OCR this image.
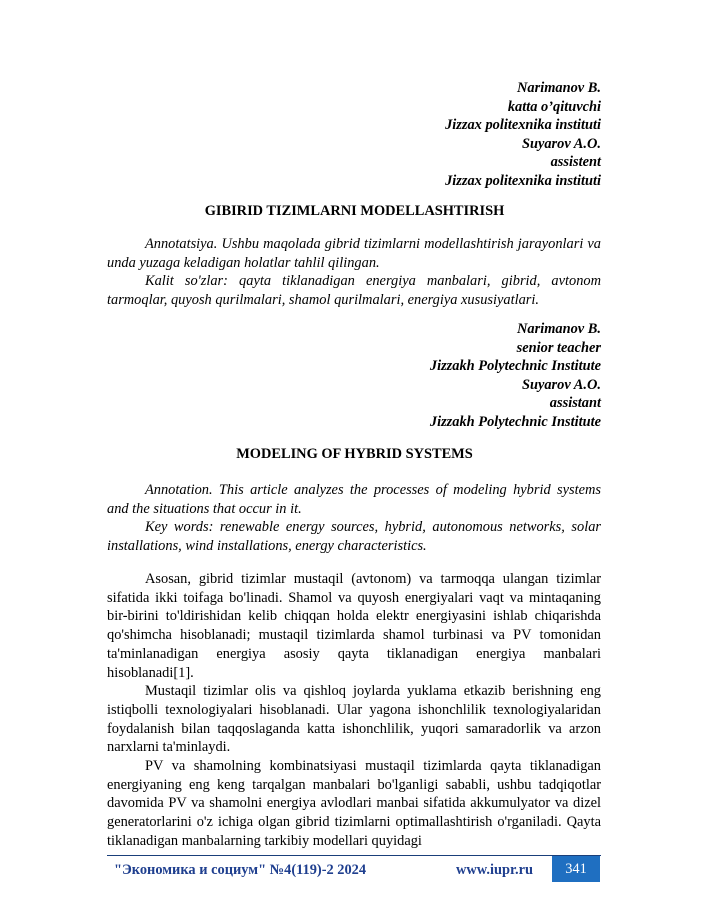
Narimanov B.
katta o’qituvchi
Jizzax politexnika instituti
Suyarov A.O.
assistent
Jizzax politexnika instituti
GIBIRID TIZIMLARNI MODELLASHTIRISH

Annotatsiya. Ushbu maqolada gibrid tizimlarni modellashtirish jarayonlari va unda yuzaga keladigan holatlar tahlil qilingan.

Kalit so'zlar: qayta tiklanadigan energiya manbalari, gibrid, avtonom tarmoqlar, quyosh qurilmalari, shamol qurilmalari, energiya xususiyatlari.

Narimanov B.
senior teacher
Jizzakh Polytechnic Institute
Suyarov A.O.
assistant
Jizzakh Polytechnic Institute
MODELING OF HYBRID SYSTEMS

Annotation. This article analyzes the processes of modeling hybrid systems and the situations that occur in it.

Key words: renewable energy sources, hybrid, autonomous networks, solar installations, wind installations, energy characteristics.

Asosan, gibrid tizimlar mustaqil (avtonom) va tarmoqqa ulangan tizimlar sifatida ikki toifaga bo'linadi. Shamol va quyosh energiyalari vaqt va mintaqaning bir-birini to'ldirishidan kelib chiqqan holda elektr energiyasini ishlab chiqarishda qo'shimcha hisoblanadi; mustaqil tizimlarda shamol turbinasi va PV tomonidan ta'minlanadigan energiya asosiy qayta tiklanadigan energiya manbalari hisoblanadi[1].

Mustaqil tizimlar olis va qishloq joylarda yuklama etkazib berishning eng istiqbolli texnologiyalari hisoblanadi. Ular yagona ishonchlilik texnologiyalaridan foydalanish bilan taqqoslaganda katta ishonchlilik, yuqori samaradorlik va arzon narxlarni ta'minlaydi.

PV va shamolning kombinatsiyasi mustaqil tizimlarda qayta tiklanadigan energiyaning eng keng tarqalgan manbalari bo'lganligi sababli, ushbu tadqiqotlar davomida PV va shamolni energiya avlodlari manbai sifatida akkumulyator va dizel generatorlarini o'z ichiga olgan gibrid tizimlarni optimallashtirish o'rganiladi. Qayta tiklanadigan manbalarning tarkibiy modellari quyidagi

"Экономика и социум" №4(119)-2 2024	www.iupr.ru	341
